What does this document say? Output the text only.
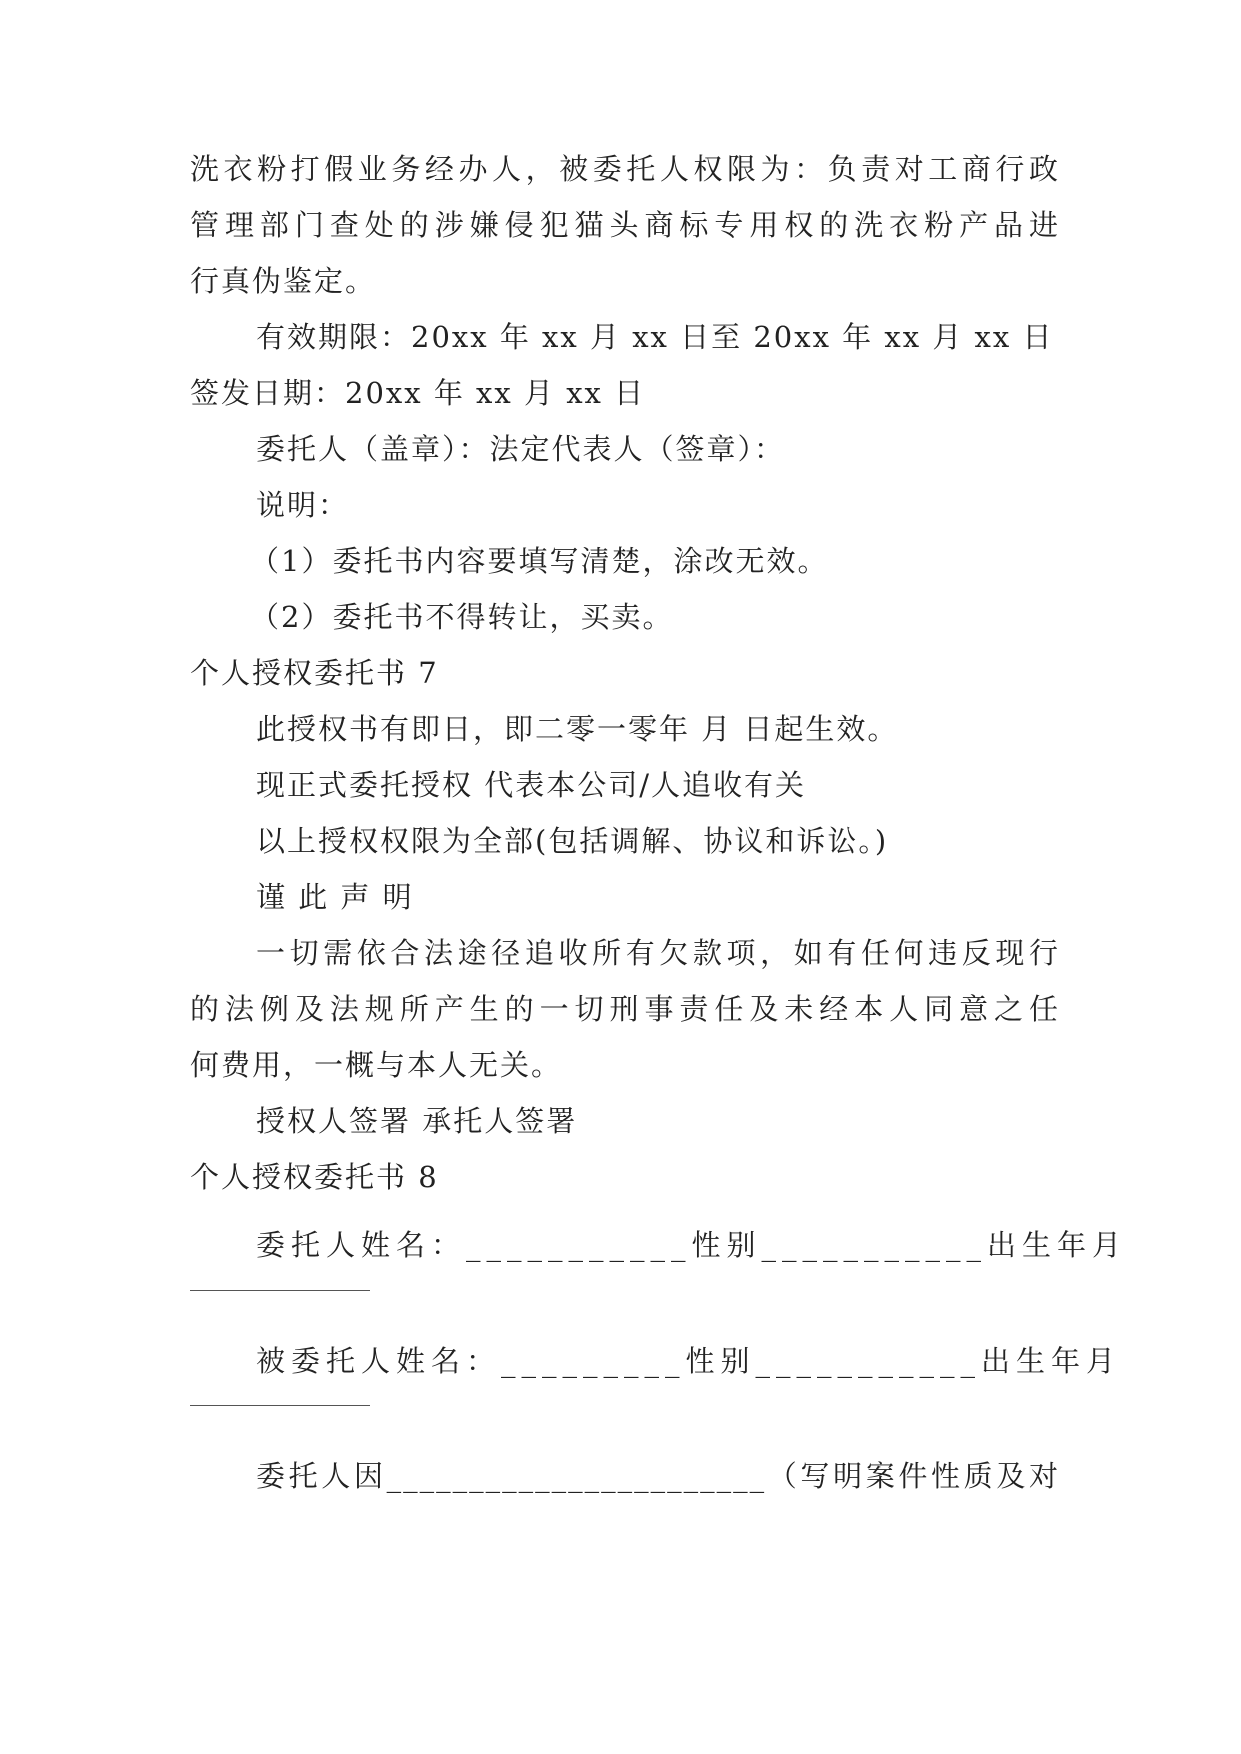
洗衣粉打假业务经办人，被委托人权限为：负责对工商行政
管理部门查处的涉嫌侵犯猫头商标专用权的洗衣粉产品进
行真伪鉴定。
有效期限：20xx 年 xx 月 xx 日至 20xx 年 xx 月 xx 日
签发日期：20xx 年 xx 月 xx 日
委托人（盖章）：法定代表人（签章）：
说明：
（1）委托书内容要填写清楚，涂改无效。
（2）委托书不得转让，买卖。
个人授权委托书 7
此授权书有即日，即二零一零年 月 日起生效。
现正式委托授权 代表本公司/人追收有关
以上授权权限为全部(包括调解、协议和诉讼。)
谨 此 声 明
一切需依合法途径追收所有欠款项，如有任何违反现行
的法例及法规所产生的一切刑事责任及未经本人同意之任
何费用，一概与本人无关。
授权人签署 承托人签署
个人授权委托书 8
委托人姓名：___________性别___________出生年月
被委托人姓名：_________性别___________出生年月
委托人因_______________________（写明案件性质及对
